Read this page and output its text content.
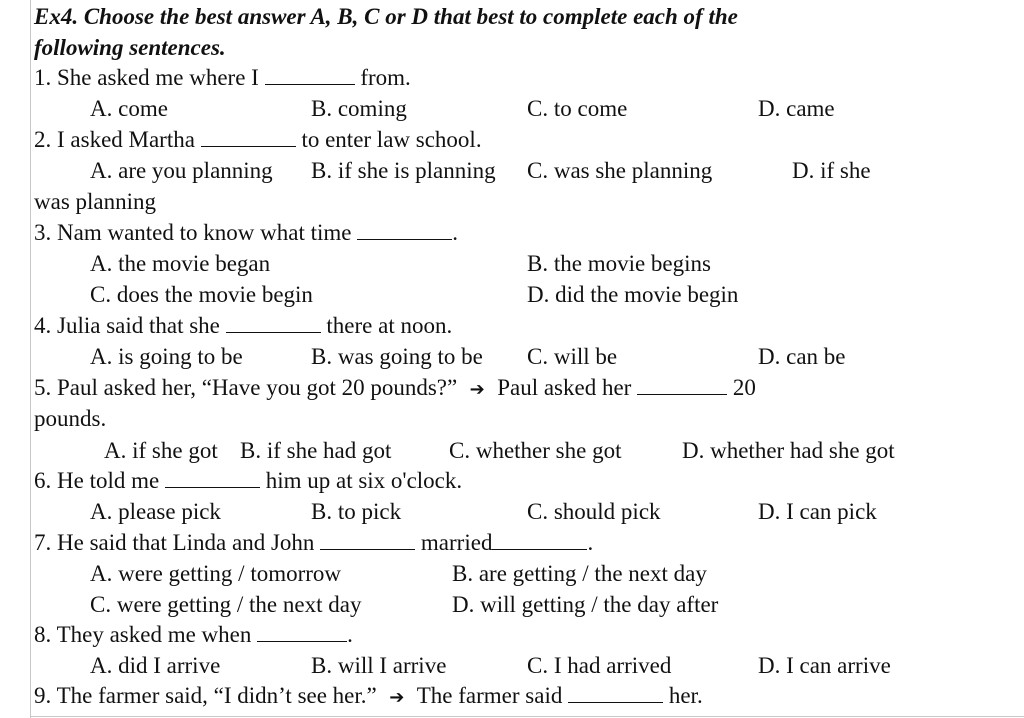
Ex4. Choose the best answer A, B, C or D that best to complete each of the
following sentences.
1. She asked me where I	from.
A. come	B. coming	C. to come	D. came
2. I asked Martha	to enter law school.
A. are you planning B. if she is planning C. was she planning	D. if she
was planning
3. Nam wanted to know what time	.
A. the movie began	B. the movie begins
C. does the movie begin	D. did the movie begin
4. Julia said that she	there at noon.
A. is going to be	B. was going to be C. will be	D. can be
5. Paul asked her, “Have you got 20 pounds?” ➔ Paul asked her	20
pounds.
A. if she got B. if she had got	C. whether she got	D. whether had she got
6. He told me	him up at six o'clock.
A. please pick	B. to pick	C. should pick	D. I can pick
7. He said that Linda and John	married	.
A. were getting / tomorrow	B. are getting / the next day
C. were getting / the next day	D. will getting / the day after
8. They asked me when	.
A. did I arrive	B. will I arrive	C. I had arrived	D. I can arrive
9. The farmer said, “I didn’t see her.” ➔ The farmer said	her.
